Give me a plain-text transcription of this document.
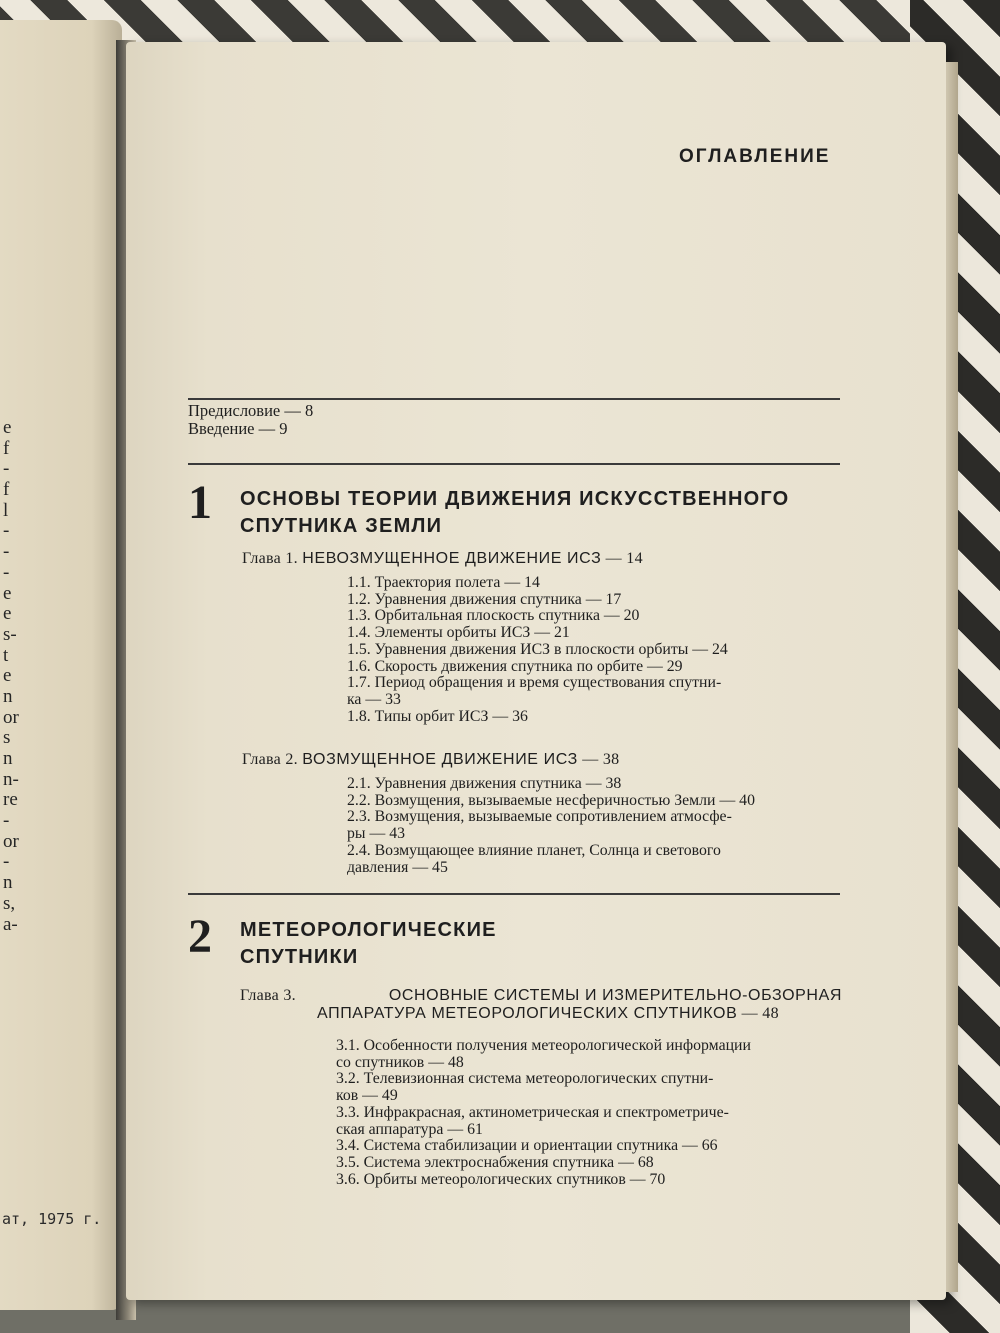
e
f
-
f
l
-
-
-
e
e
s-
t
e
n
or
s
n
n-
re
-
or
-
n
s,
a-
ат, 1975 г.
ОГЛАВЛЕНИЕ
Предисловие — 8
Введение — 9
1 ОСНОВЫ ТЕОРИИ ДВИЖЕНИЯ ИСКУССТВЕННОГО
СПУТНИКА ЗЕМЛИ
Глава 1. НЕВОЗМУЩЕННОЕ ДВИЖЕНИЕ ИСЗ — 14
1.1. Траектория полета — 14
1.2. Уравнения движения спутника — 17
1.3. Орбитальная плоскость спутника — 20
1.4. Элементы орбиты ИСЗ — 21
1.5. Уравнения движения ИСЗ в плоскости орбиты — 24
1.6. Скорость движения спутника по орбите — 29
1.7. Период обращения и время существования спутни-
ка — 33
1.8. Типы орбит ИСЗ — 36
Глава 2. ВОЗМУЩЕННОЕ ДВИЖЕНИЕ ИСЗ — 38
2.1. Уравнения движения спутника — 38
2.2. Возмущения, вызываемые несферичностью Земли — 40
2.3. Возмущения, вызываемые сопротивлением атмосфе-
ры — 43
2.4. Возмущающее влияние планет, Солнца и светового
давления — 45
2 МЕТЕОРОЛОГИЧЕСКИЕ
СПУТНИКИ
Глава 3.	ОСНОВНЫЕ СИСТЕМЫ И ИЗМЕРИТЕЛЬНО-ОБЗОРНАЯ
АППАРАТУРА МЕТЕОРОЛОГИЧЕСКИХ СПУТНИКОВ — 48
3.1. Особенности получения метеорологической информации
со спутников — 48
3.2. Телевизионная система метеорологических спутни-
ков — 49
3.3. Инфракрасная, актинометрическая и спектрометриче-
ская аппаратура — 61
3.4. Система стабилизации и ориентации спутника — 66
3.5. Система электроснабжения спутника — 68
3.6. Орбиты метеорологических спутников — 70
